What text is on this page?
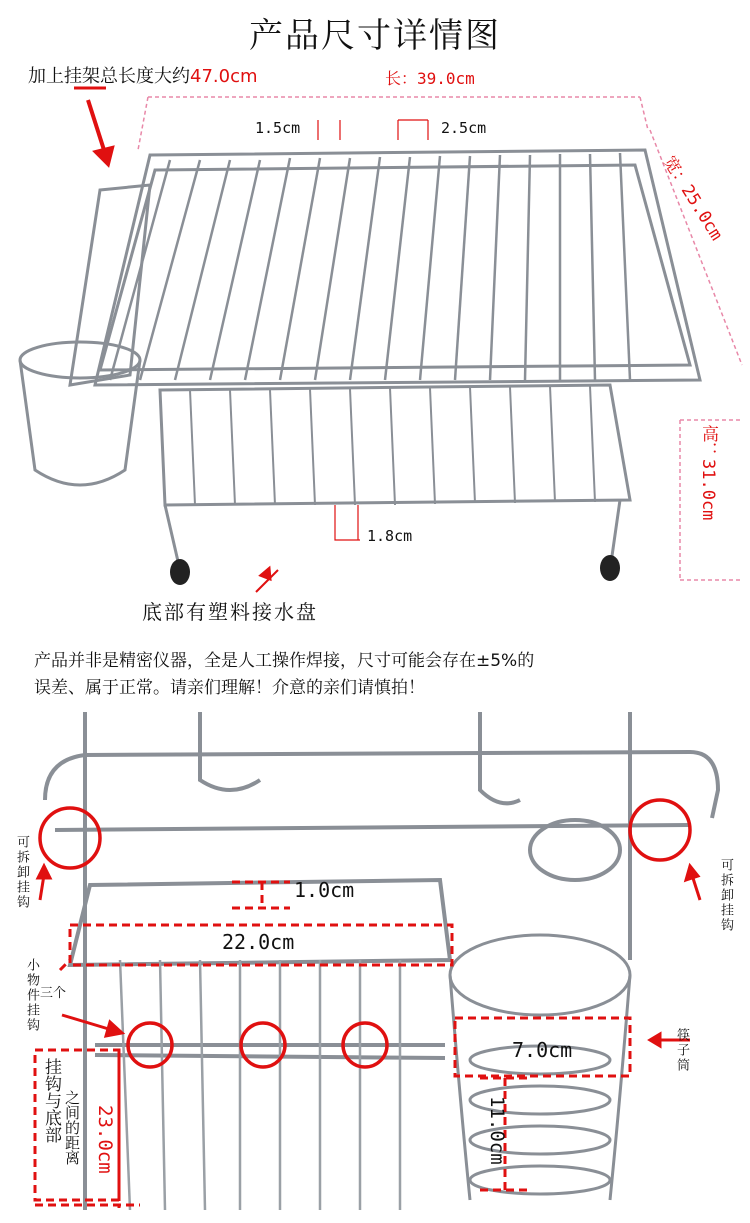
产品尺寸详情图
加上挂架总长度大约47.0cm	长：39.0cm
1.5cm	2.5cm
宽：25.0cm
高：31.0cm
1.8cm
底部有塑料接水盘
产品并非是精密仪器，全是人工操作焊接，尺寸可能会存在±5%的
误差、属于正常。请亲们理解！介意的亲们请慎拍！
可拆卸挂钩	可拆卸挂钩
1.0cm
22.0cm
小物件挂钩 三个
筷子筒
7.0cm
11.0cm
挂钩与底部 之间的距离 23.0cm
